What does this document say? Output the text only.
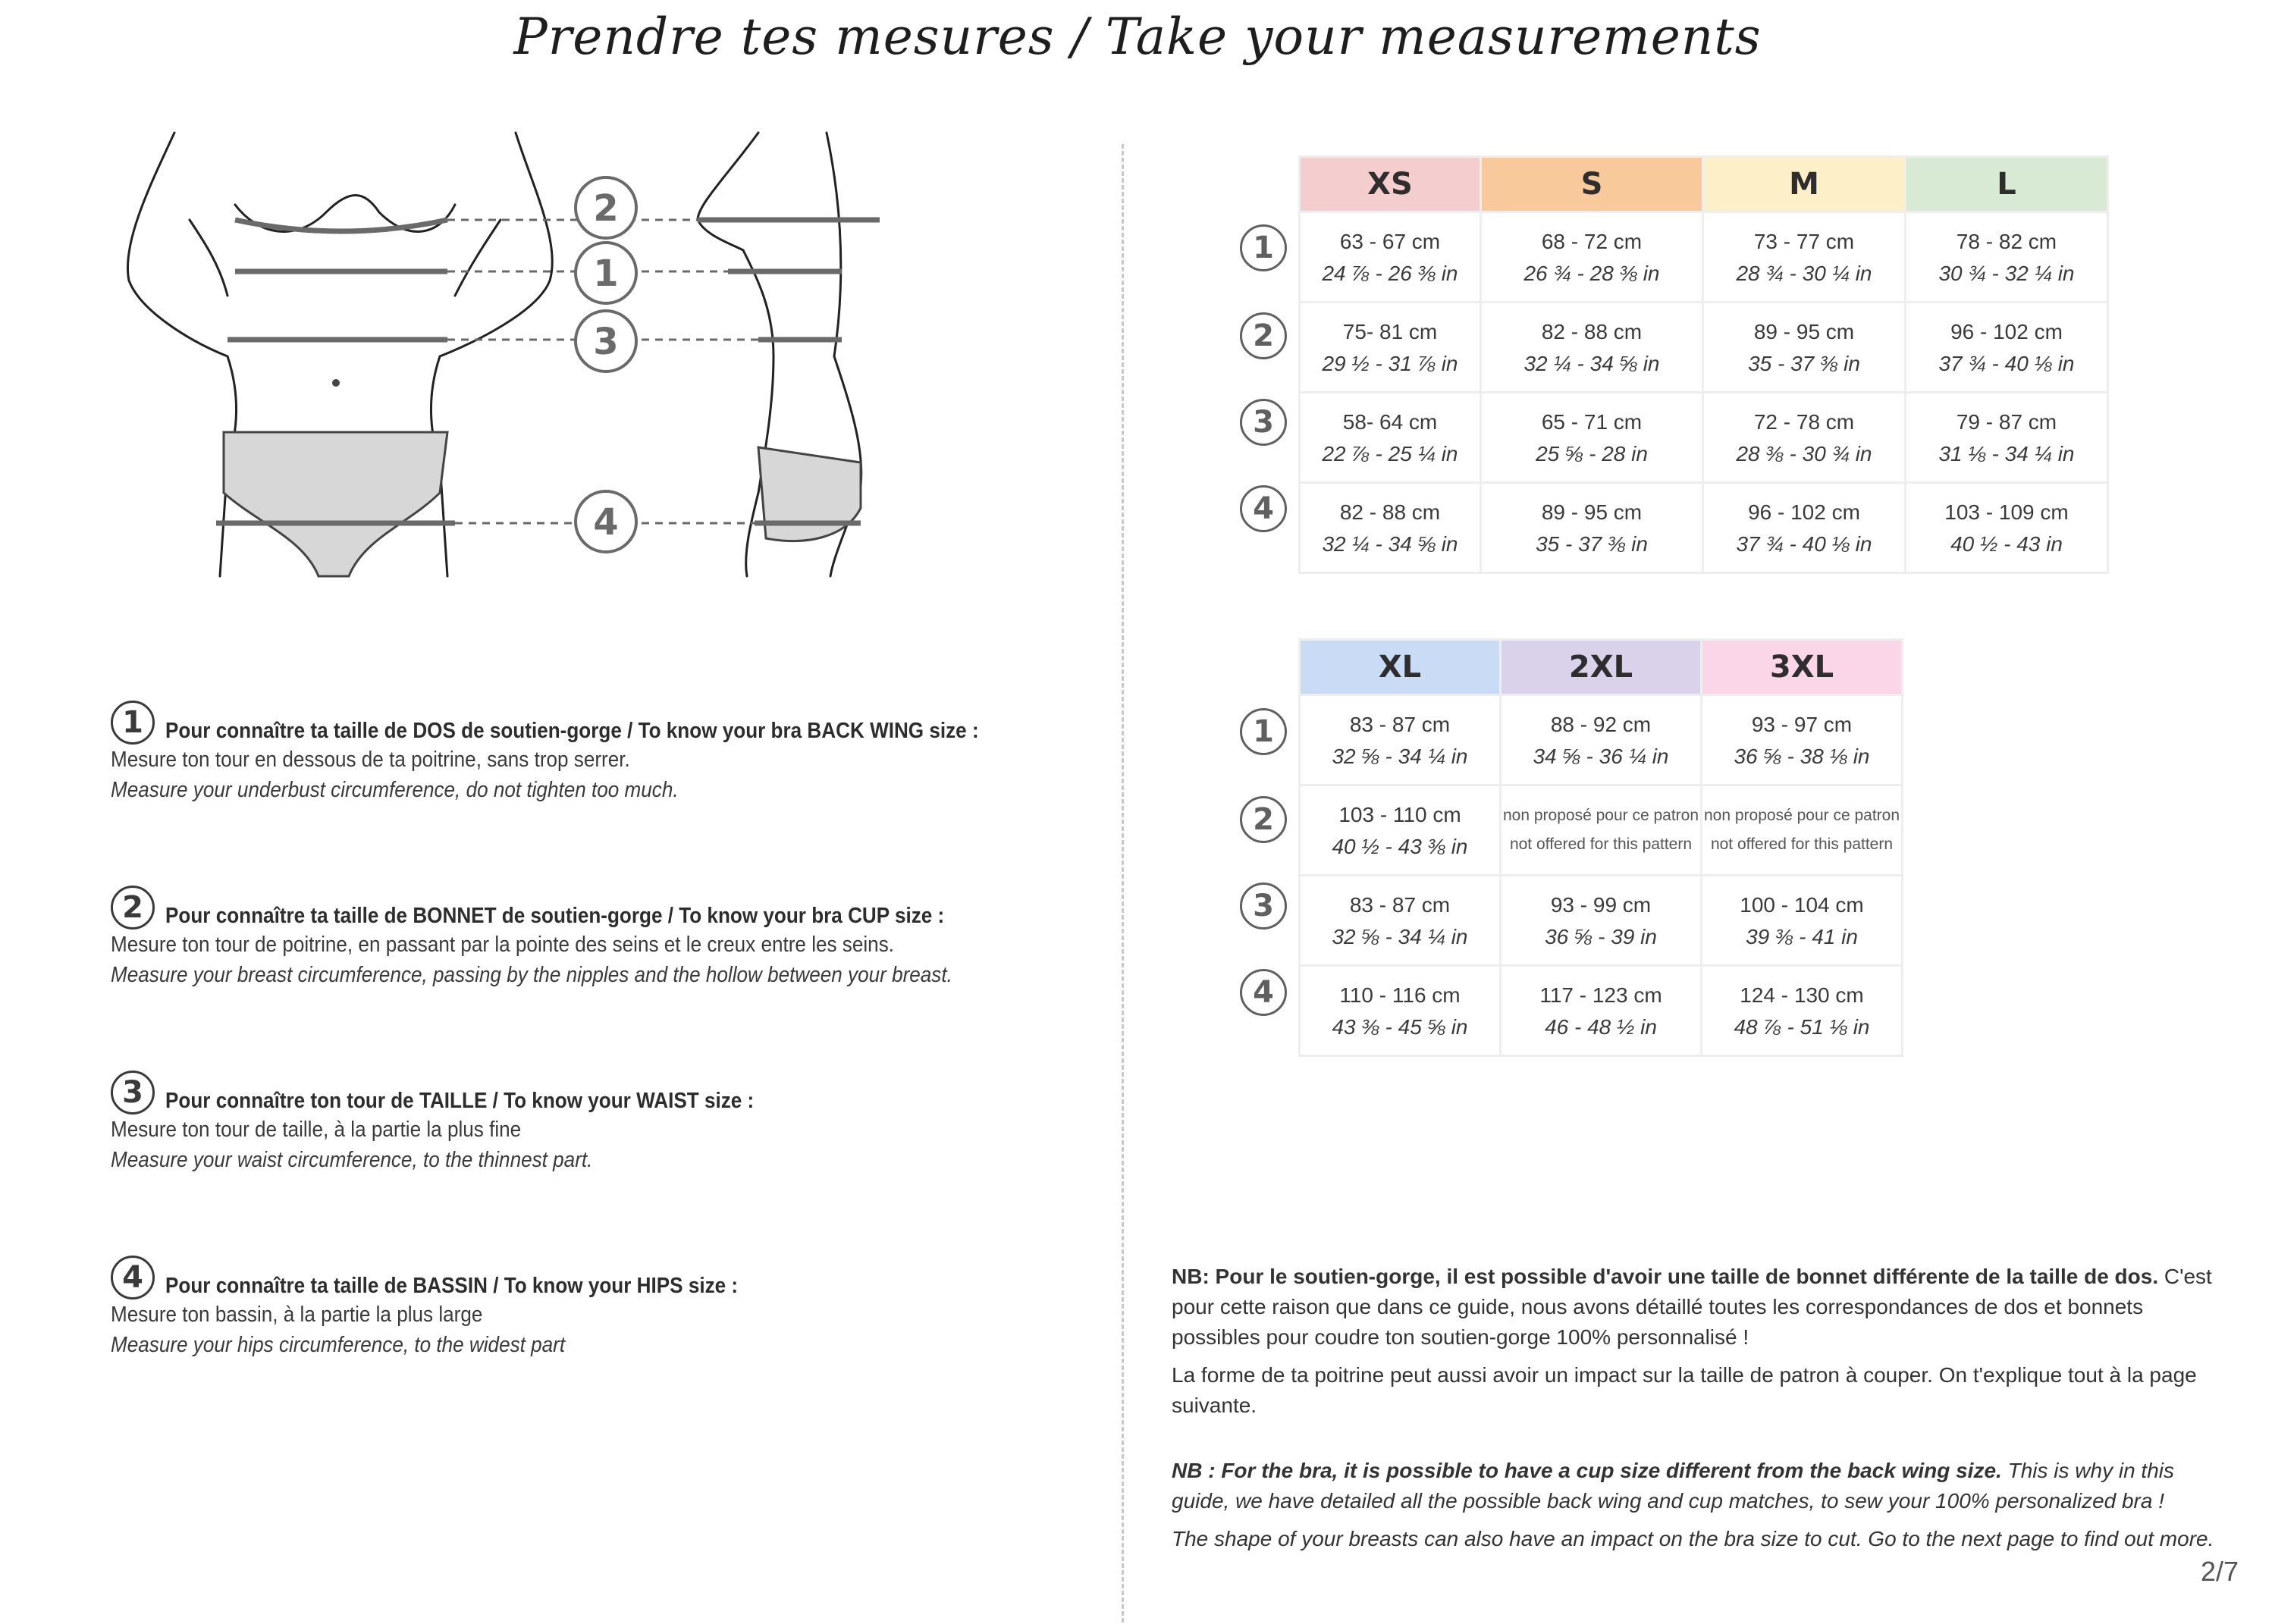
Prendre tes mesures / Take your measurements
2
1
3
4
1	Pour connaître ta taille de DOS de soutien-gorge / To know your bra BACK WING size :
Mesure ton tour en dessous de ta poitrine, sans trop serrer.
Measure your underbust circumference, do not tighten too much.
2	Pour connaître ta taille de BONNET de soutien-gorge / To know your bra CUP size :
Mesure ton tour de poitrine, en passant par la pointe des seins et le creux entre les seins.
Measure your breast circumference, passing by the nipples and the hollow between your breast.
3	Pour connaître ton tour de TAILLE / To know your WAIST size :
Mesure ton tour de taille, à la partie la plus fine
Measure your waist circumference, to the thinnest part.
4	Pour connaître ta taille de BASSIN / To know your HIPS size :
Mesure ton bassin, à la partie la plus large
Measure your hips circumference, to the widest part
XS	S	M	L

63 - 67 cm
24 ⅞ - 26 ⅜ in	68 - 72 cm
26 ¾ - 28 ⅜ in	73 - 77 cm
28 ¾ - 30 ¼ in	78 - 82 cm
30 ¾ - 32 ¼ in

75- 81 cm
29 ½ - 31 ⅞ in	82 - 88 cm
32 ¼ - 34 ⅝ in	89 - 95 cm
35 - 37 ⅜ in	96 - 102 cm
37 ¾ - 40 ⅛ in

58- 64 cm
22 ⅞ - 25 ¼ in	65 - 71 cm
25 ⅝ - 28 in	72 - 78 cm
28 ⅜ - 30 ¾ in	79 - 87 cm
31 ⅛ - 34 ¼ in

82 - 88 cm
32 ¼ - 34 ⅝ in	89 - 95 cm
35 - 37 ⅜ in	96 - 102 cm
37 ¾ - 40 ⅛ in	103 - 109 cm
40 ½ - 43 in
1
2
3
4
XL	2XL	3XL

83 - 87 cm
32 ⅝ - 34 ¼ in	88 - 92 cm
34 ⅝ - 36 ¼ in	93 - 97 cm
36 ⅝ - 38 ⅛ in

103 - 110 cm
40 ½ - 43 ⅜ in	non proposé pour ce patron
not offered for this pattern	non proposé pour ce patron
not offered for this pattern

83 - 87 cm
32 ⅝ - 34 ¼ in	93 - 99 cm
36 ⅝ - 39 in	100 - 104 cm
39 ⅜ - 41 in

110 - 116 cm
43 ⅜ - 45 ⅝ in	117 - 123 cm
46 - 48 ½ in	124 - 130 cm
48 ⅞ - 51 ⅛ in
1
2
3
4

NB: Pour le soutien-gorge, il est possible d'avoir une taille de bonnet différente de la taille de dos. C'est pour cette raison que dans ce guide, nous avons détaillé toutes les correspondances de dos et bonnets possibles pour coudre ton soutien-gorge 100% personnalisé !

La forme de ta poitrine peut aussi avoir un impact sur la taille de patron à couper. On t'explique tout à la page suivante.

NB : For the bra, it is possible to have a cup size different from the back wing size. This is why in this guide, we have detailed all the possible back wing and cup matches, to sew your 100% personalized bra !

The shape of your breasts can also have an impact on the bra size to cut. Go to the next page to find out more.

2/7
